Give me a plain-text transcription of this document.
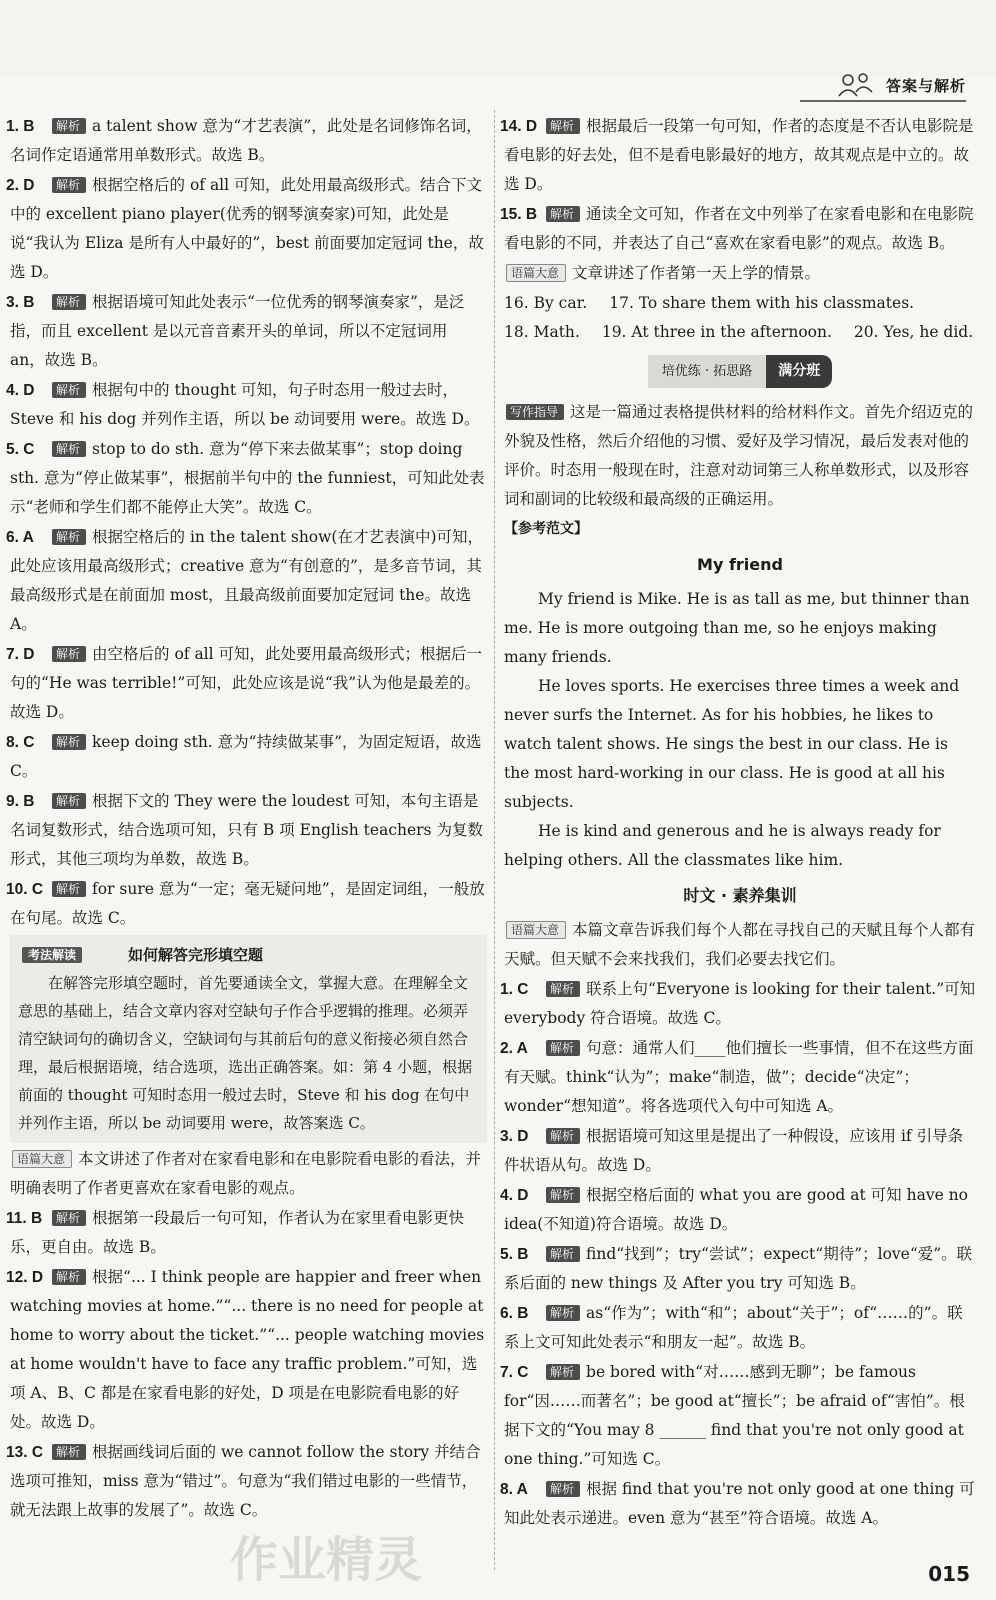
答案与解析
1. B 解析 a talent show 意为“才艺表演”，此处是名词修饰名词，名词作定语通常用单数形式。故选 B。
2. D 解析 根据空格后的 of all 可知，此处用最高级形式。结合下文中的 excellent piano player(优秀的钢琴演奏家)可知，此处是说“我认为 Eliza 是所有人中最好的”，best 前面要加定冠词 the，故选 D。
3. B 解析 根据语境可知此处表示“一位优秀的钢琴演奏家”，是泛指，而且 excellent 是以元音音素开头的单词，所以不定冠词用 an，故选 B。
4. D 解析 根据句中的 thought 可知，句子时态用一般过去时，Steve 和 his dog 并列作主语，所以 be 动词要用 were。故选 D。
5. C 解析 stop to do sth. 意为“停下来去做某事”；stop doing sth. 意为“停止做某事”，根据前半句中的 the funniest，可知此处表示“老师和学生们都不能停止大笑”。故选 C。
6. A 解析 根据空格后的 in the talent show(在才艺表演中)可知，此处应该用最高级形式；creative 意为“有创意的”，是多音节词，其最高级形式是在前面加 most，且最高级前面要加定冠词 the。故选 A。
7. D 解析 由空格后的 of all 可知，此处要用最高级形式；根据后一句的“He was terrible!”可知，此处应该是说“我”认为他是最差的。故选 D。
8. C 解析 keep doing sth. 意为“持续做某事”，为固定短语，故选 C。
9. B 解析 根据下文的 They were the loudest 可知，本句主语是名词复数形式，结合选项可知，只有 B 项 English teachers 为复数形式，其他三项均为单数，故选 B。
10. C 解析 for sure 意为“一定；毫无疑问地”，是固定词组，一般放在句尾。故选 C。
考法解读	如何解答完形填空题
在解答完形填空题时，首先要通读全文，掌握大意。在理解全文意思的基础上，结合文章内容对空缺句子作合乎逻辑的推理。必须弄清空缺词句的确切含义，空缺词句与其前后句的意义衔接必须自然合理，最后根据语境，结合选项，选出正确答案。如：第 4 小题，根据前面的 thought 可知时态用一般过去时，Steve 和 his dog 在句中并列作主语，所以 be 动词要用 were，故答案选 C。
语篇大意 本文讲述了作者对在家看电影和在电影院看电影的看法，并明确表明了作者更喜欢在家看电影的观点。
11. B 解析 根据第一段最后一句可知，作者认为在家里看电影更快乐，更自由。故选 B。
12. D 解析 根据“... I think people are happier and freer when watching movies at home.”“... there is no need for people at home to worry about the ticket.”“... people watching movies at home wouldn't have to face any traffic problem.”可知，选项 A、B、C 都是在家看电影的好处，D 项是在电影院看电影的好处。故选 D。
13. C 解析 根据画线词后面的 we cannot follow the story 并结合选项可推知，miss 意为“错过”。句意为“我们错过电影的一些情节，就无法跟上故事的发展了”。故选 C。
14. D 解析 根据最后一段第一句可知，作者的态度是不否认电影院是看电影的好去处，但不是看电影最好的地方，故其观点是中立的。故选 D。
15. B 解析 通读全文可知，作者在文中列举了在家看电影和在电影院看电影的不同，并表达了自己“喜欢在家看电影”的观点。故选 B。
语篇大意 文章讲述了作者第一天上学的情景。
16. By car. 17. To share them with his classmates.
18. Math. 19. At three in the afternoon. 20. Yes, he did.
培优练 · 拓思路	满分班
写作指导 这是一篇通过表格提供材料的给材料作文。首先介绍迈克的外貌及性格，然后介绍他的习惯、爱好及学习情况，最后发表对他的评价。时态用一般现在时，注意对动词第三人称单数形式，以及形容词和副词的比较级和最高级的正确运用。
【参考范文】
My friend

My friend is Mike. He is as tall as me, but thinner than me. He is more outgoing than me, so he enjoys making many friends.

He loves sports. He exercises three times a week and never surfs the Internet. As for his hobbies, he likes to watch talent shows. He sings the best in our class. He is the most hard-working in our class. He is good at all his subjects.

He is kind and generous and he is always ready for helping others. All the classmates like him.

时文 · 素养集训
语篇大意 本篇文章告诉我们每个人都在寻找自己的天赋且每个人都有天赋。但天赋不会来找我们，我们必要去找它们。
1. C 解析 联系上句“Everyone is looking for their talent.”可知 everybody 符合语境。故选 C。
2. A 解析 句意：通常人们____他们擅长一些事情，但不在这些方面有天赋。think“认为”；make“制造，做”；decide“决定”；wonder“想知道”。将各选项代入句中可知选 A。
3. D 解析 根据语境可知这里是提出了一种假设，应该用 if 引导条件状语从句。故选 D。
4. D 解析 根据空格后面的 what you are good at 可知 have no idea(不知道)符合语境。故选 D。
5. B 解析 find“找到”；try“尝试”；expect“期待”；love“爱”。联系后面的 new things 及 After you try 可知选 B。
6. B 解析 as“作为”；with“和”；about“关于”；of“……的”。联系上文可知此处表示“和朋友一起”。故选 B。
7. C 解析 be bored with“对……感到无聊”；be famous for“因……而著名”；be good at“擅长”；be afraid of“害怕”。根据下文的“You may 8 ______ find that you're not only good at one thing.”可知选 C。
8. A 解析 根据 find that you're not only good at one thing 可知此处表示递进。even 意为“甚至”符合语境。故选 A。
作业精灵	015
